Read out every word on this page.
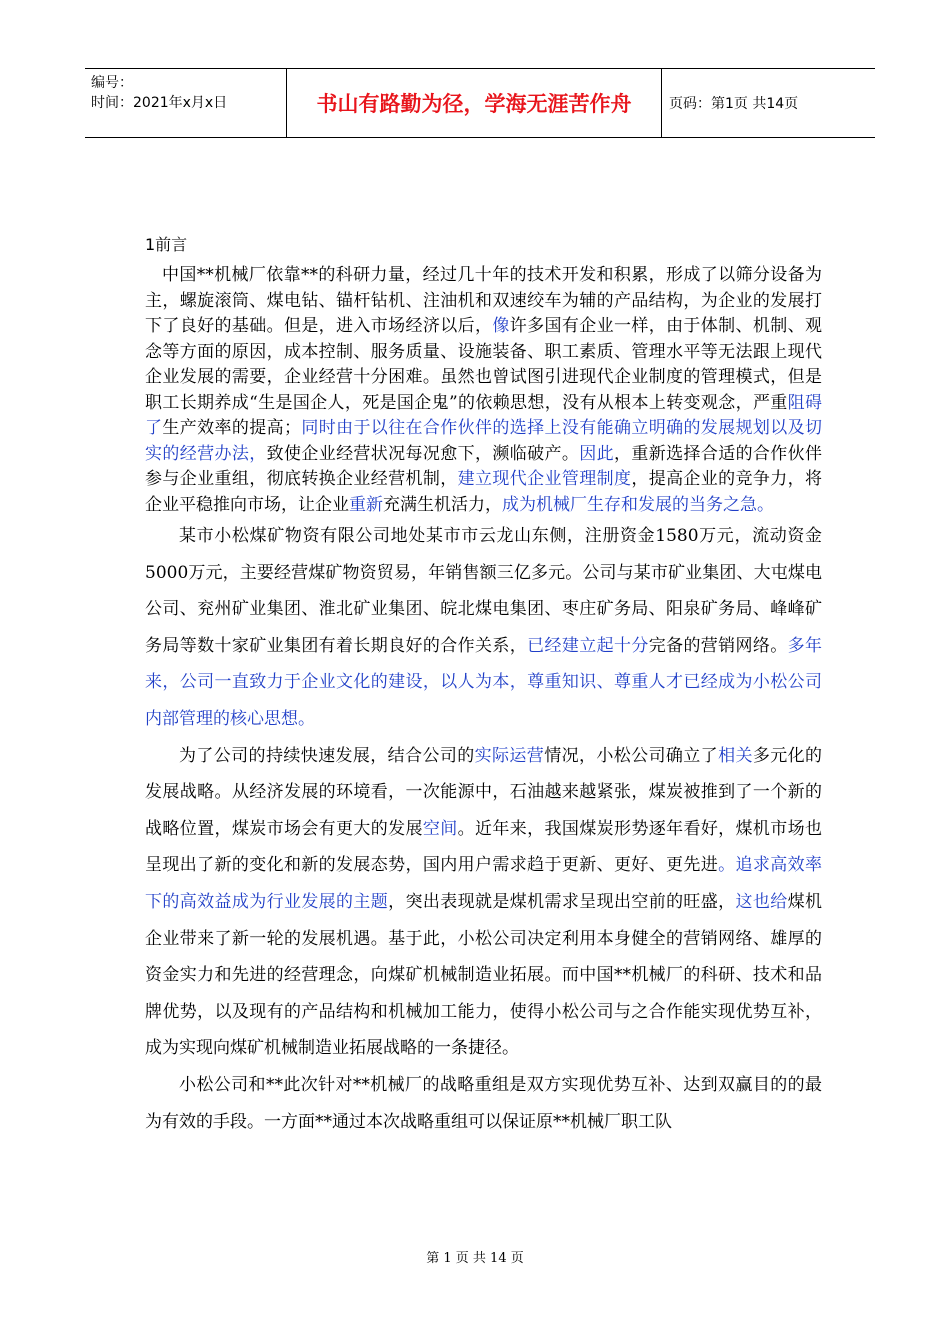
编号：
时间：2021年x月x日	书山有路勤为径，学海无涯苦作舟	页码：第1页 共14页
1前言

中国**机械厂依靠**的科研力量，经过几十年的技术开发和积累，形成了以筛分设备为主，螺旋滚筒、煤电钻、锚杆钻机、注油机和双速绞车为辅的产品结构，为企业的发展打下了良好的基础。但是，进入市场经济以后，像许多国有企业一样，由于体制、机制、观念等方面的原因，成本控制、服务质量、设施装备、职工素质、管理水平等无法跟上现代企业发展的需要，企业经营十分困难。虽然也曾试图引进现代企业制度的管理模式，但是职工长期养成“生是国企人，死是国企鬼”的依赖思想，没有从根本上转变观念，严重阻碍了生产效率的提高；同时由于以往在合作伙伴的选择上没有能确立明确的发展规划以及切实的经营办法，致使企业经营状况每况愈下，濒临破产。因此，重新选择合适的合作伙伴参与企业重组，彻底转换企业经营机制，建立现代企业管理制度，提高企业的竞争力，将企业平稳推向市场，让企业重新充满生机活力，成为机械厂生存和发展的当务之急。

某市小松煤矿物资有限公司地处某市市云龙山东侧，注册资金1580万元，流动资金5000万元，主要经营煤矿物资贸易，年销售额三亿多元。公司与某市矿业集团、大屯煤电公司、兖州矿业集团、淮北矿业集团、皖北煤电集团、枣庄矿务局、阳泉矿务局、峰峰矿务局等数十家矿业集团有着长期良好的合作关系，已经建立起十分完备的营销网络。多年来，公司一直致力于企业文化的建设，以人为本，尊重知识、尊重人才已经成为小松公司内部管理的核心思想。

为了公司的持续快速发展，结合公司的实际运营情况，小松公司确立了相关多元化的发展战略。从经济发展的环境看，一次能源中，石油越来越紧张，煤炭被推到了一个新的战略位置，煤炭市场会有更大的发展空间。近年来，我国煤炭形势逐年看好，煤机市场也呈现出了新的变化和新的发展态势，国内用户需求趋于更新、更好、更先进。追求高效率下的高效益成为行业发展的主题，突出表现就是煤机需求呈现出空前的旺盛，这也给煤机企业带来了新一轮的发展机遇。基于此，小松公司决定利用本身健全的营销网络、雄厚的资金实力和先进的经营理念，向煤矿机械制造业拓展。而中国**机械厂的科研、技术和品牌优势，以及现有的产品结构和机械加工能力，使得小松公司与之合作能实现优势互补，成为实现向煤矿机械制造业拓展战略的一条捷径。

小松公司和**此次针对**机械厂的战略重组是双方实现优势互补、达到双赢目的的最为有效的手段。一方面**通过本次战略重组可以保证原**机械厂职工队

第 1 页 共 14 页
